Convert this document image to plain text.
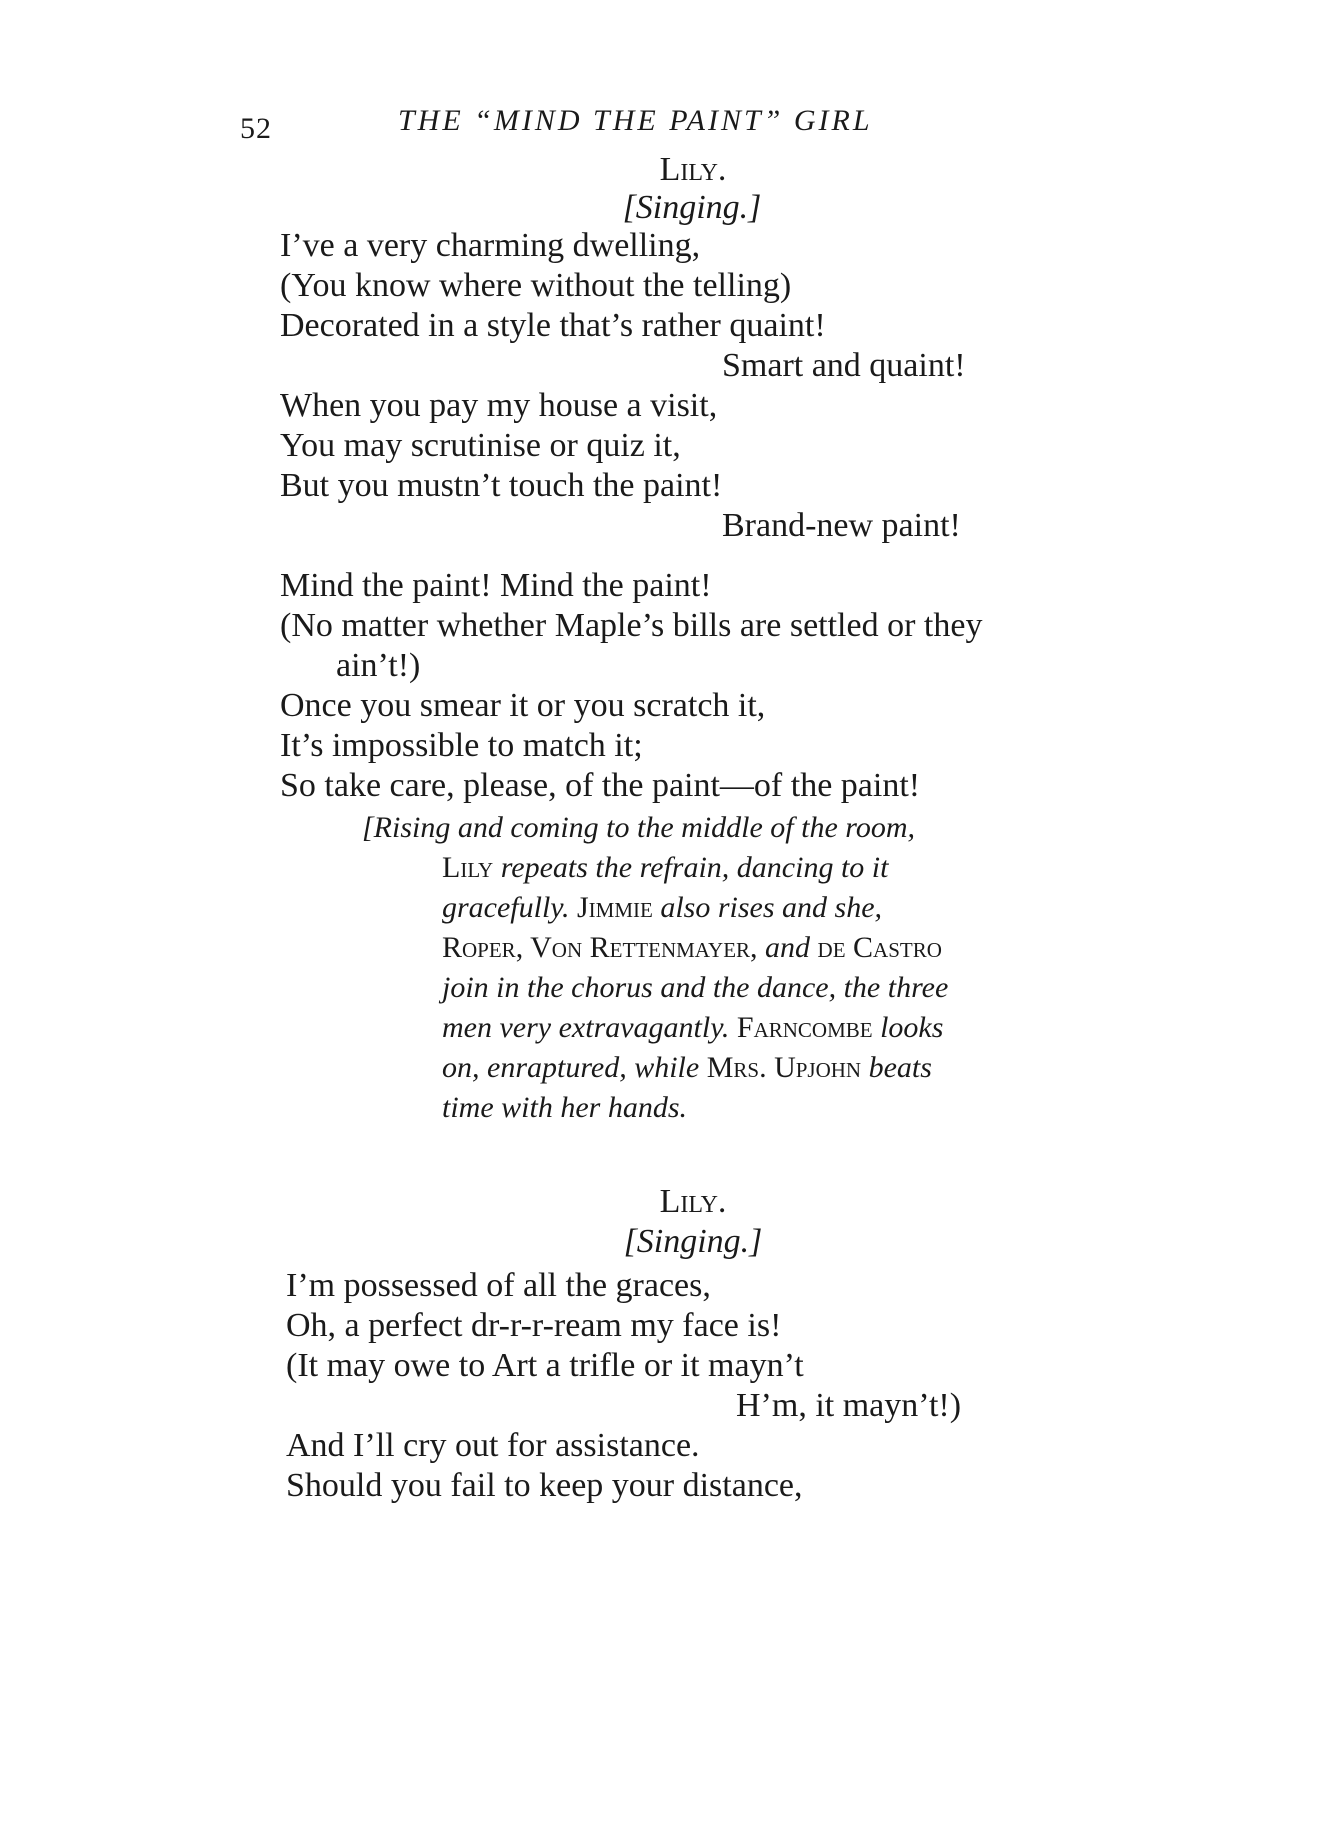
52	THE “MIND THE PAINT” GIRL
Lily.
[Singing.]
I’ve a very charming dwelling,
(You know where without the telling)
Decorated in a style that’s rather quaint!
Smart and quaint!
When you pay my house a visit,
You may scrutinise or quiz it,
But you mustn’t touch the paint!
Brand-new paint!
Mind the paint! Mind the paint!
(No matter whether Maple’s bills are settled or they
ain’t!)
Once you smear it or you scratch it,
It’s impossible to match it;
So take care, please, of the paint—of the paint!
[Rising and coming to the middle of the room,
Lily repeats the refrain, dancing to it
gracefully. Jimmie also rises and she,
Roper, Von Rettenmayer, and de Castro
join in the chorus and the dance, the three
men very extravagantly. Farncombe looks
on, enraptured, while Mrs. Upjohn beats
time with her hands.
Lily.
[Singing.]
I’m possessed of all the graces,
Oh, a perfect dr-r-r-ream my face is!
(It may owe to Art a trifle or it mayn’t
H’m, it mayn’t!)
And I’ll cry out for assistance.
Should you fail to keep your distance,
